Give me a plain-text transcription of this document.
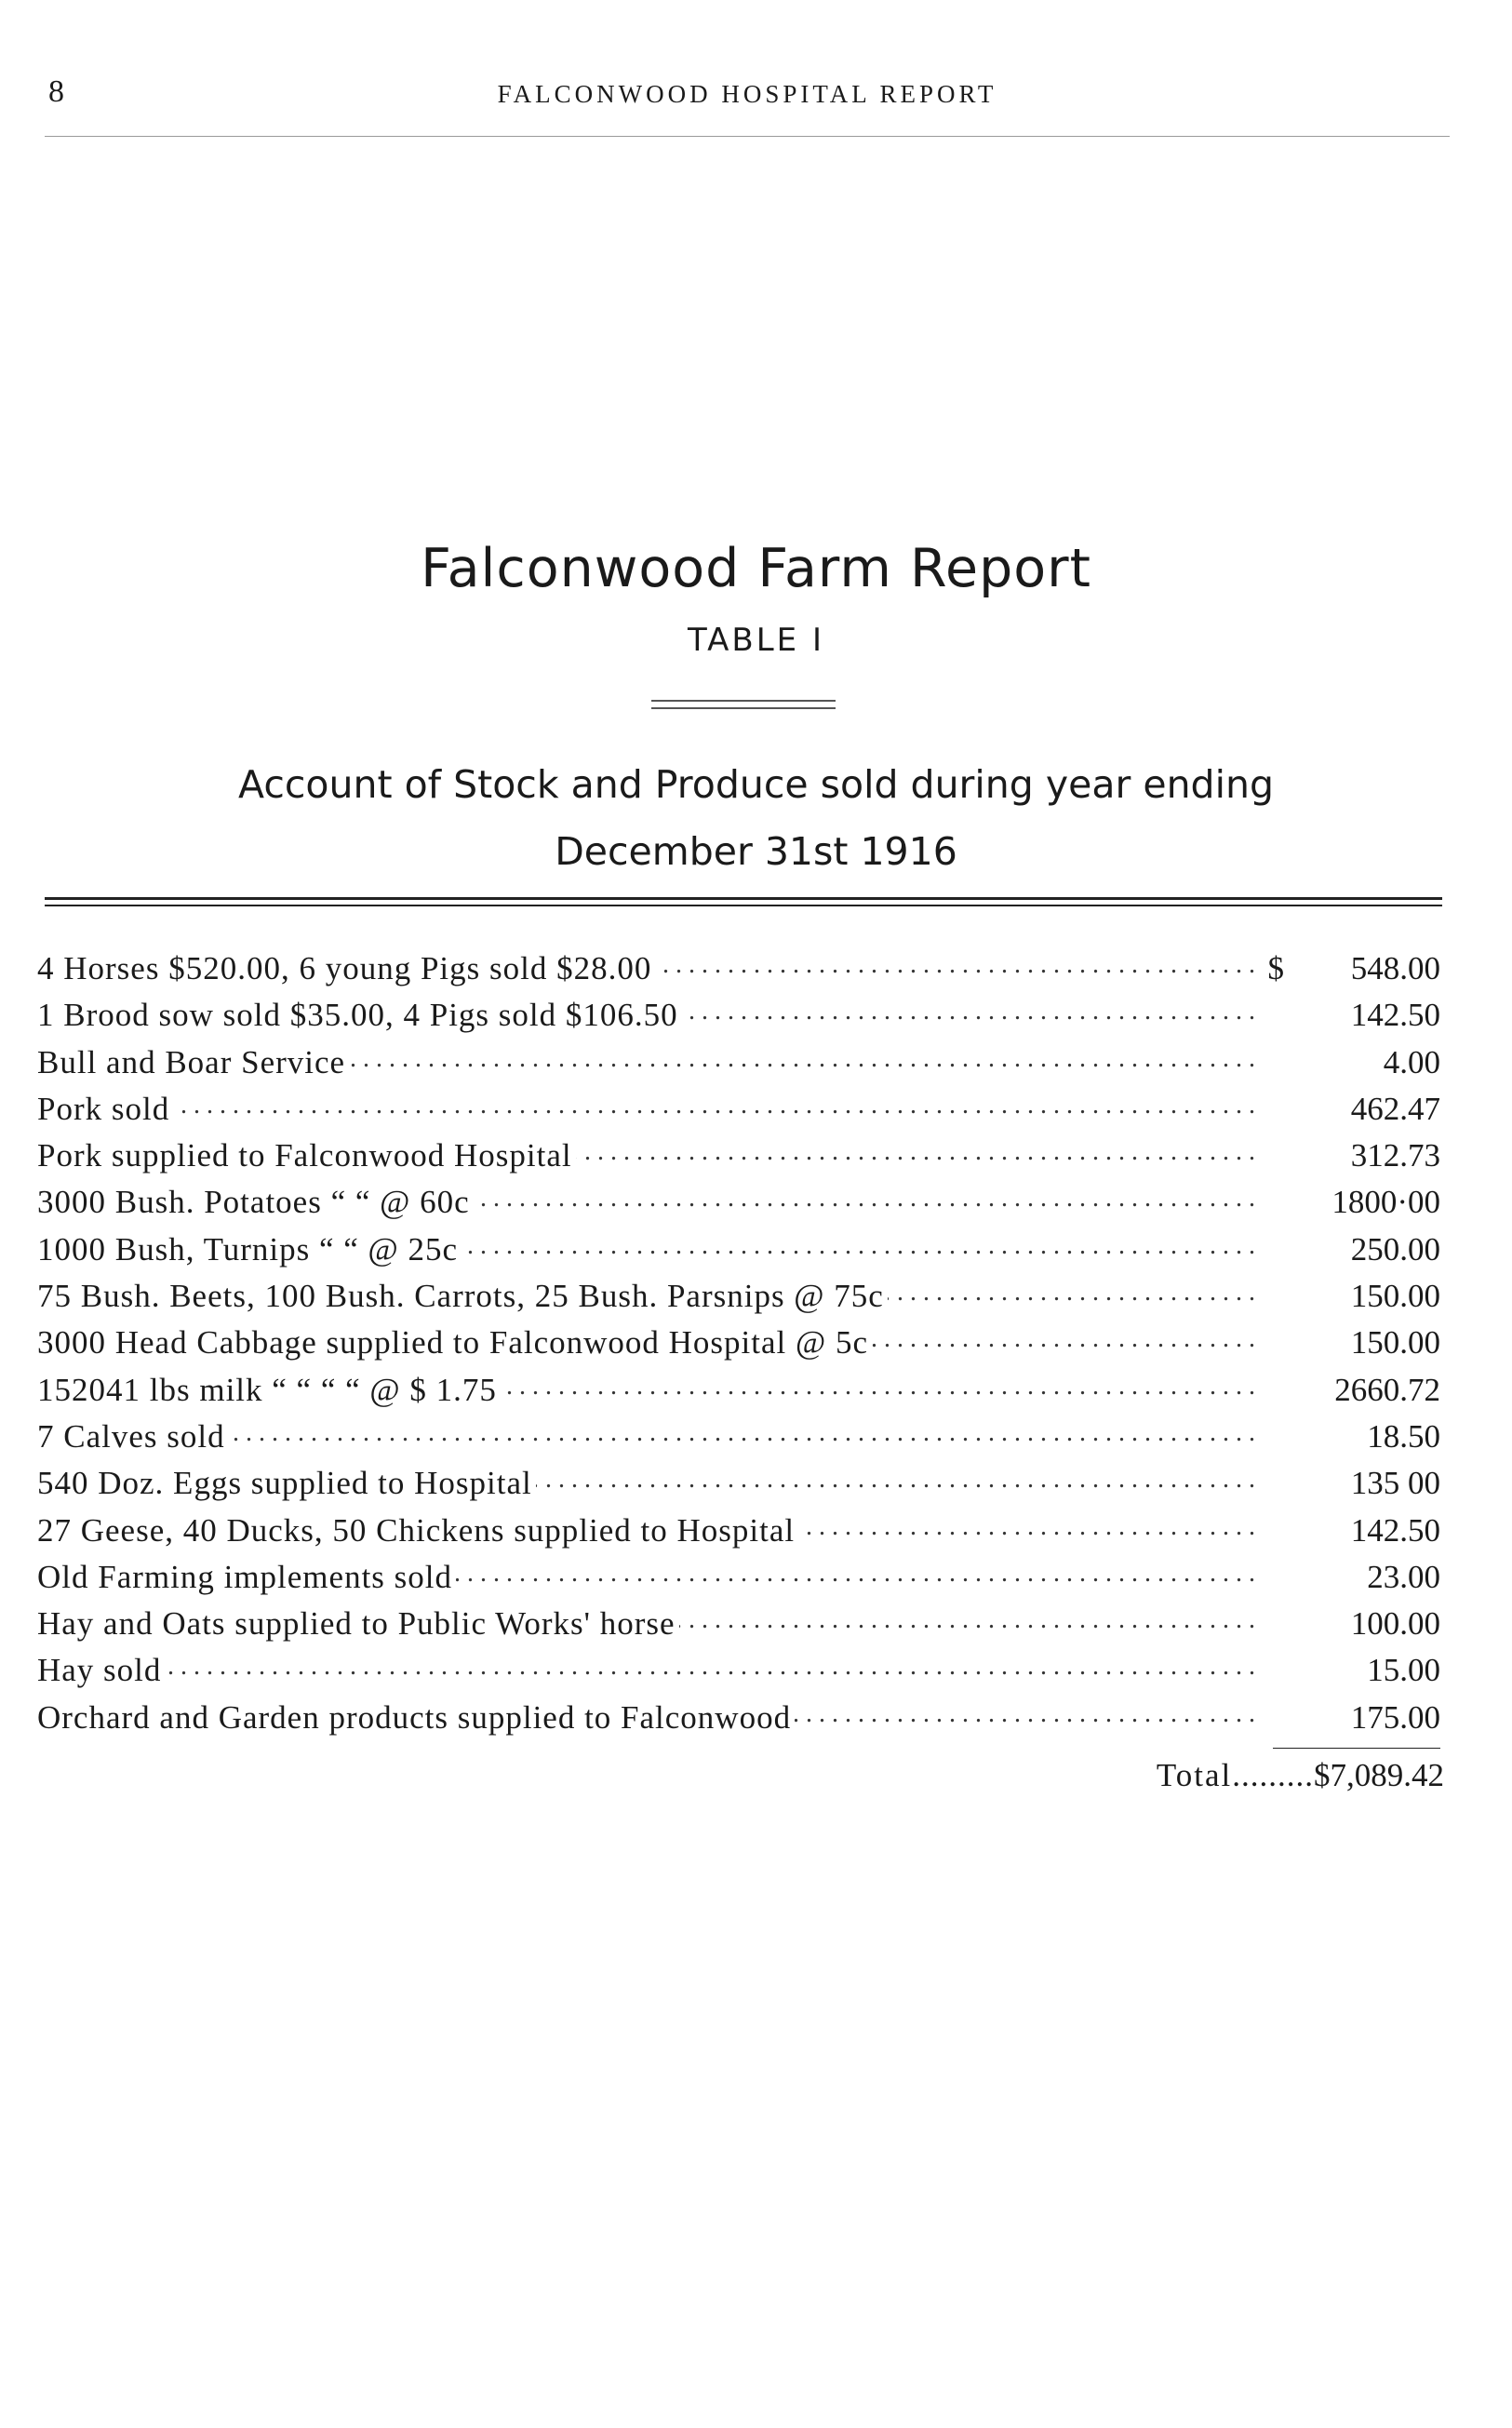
8	FALCONWOOD HOSPITAL REPORT
Falconwood Farm Report
TABLE I
Account of Stock and Produce sold during year ending
December 31st 1916
4 Horses $520.00, 6 young Pigs sold $28.00 . . .	$	548.00
1 Brood sow sold $35.00, 4 Pigs sold $106.50 . . .	142.50
Bull and Boar Service . . .	4.00
Pork sold . . .	462.47
Pork supplied to Falconwood Hospital . . .	312.73
3000 Bush. Potatoes “ “ @ 60c . . .	1800·00
1000 Bush, Turnips “ “ @ 25c . . .	250.00
75 Bush. Beets, 100 Bush. Carrots, 25 Bush. Parsnips @ 75c . . .	150.00
3000 Head Cabbage supplied to Falconwood Hospital @ 5c . . .	150.00
152041 lbs milk “ “ “ “ @ $ 1.75 . . .	2660.72
7 Calves sold . . .	18.50
540 Doz. Eggs supplied to Hospital . . .	135 00
27 Geese, 40 Ducks, 50 Chickens supplied to Hospital . . .	142.50
Old Farming implements sold . . .	23.00
Hay and Oats supplied to Public Works' horse . . .	100.00
Hay sold . . .	15.00
Orchard and Garden products supplied to Falconwood . . .	175.00
Total ......... $7,089.42
